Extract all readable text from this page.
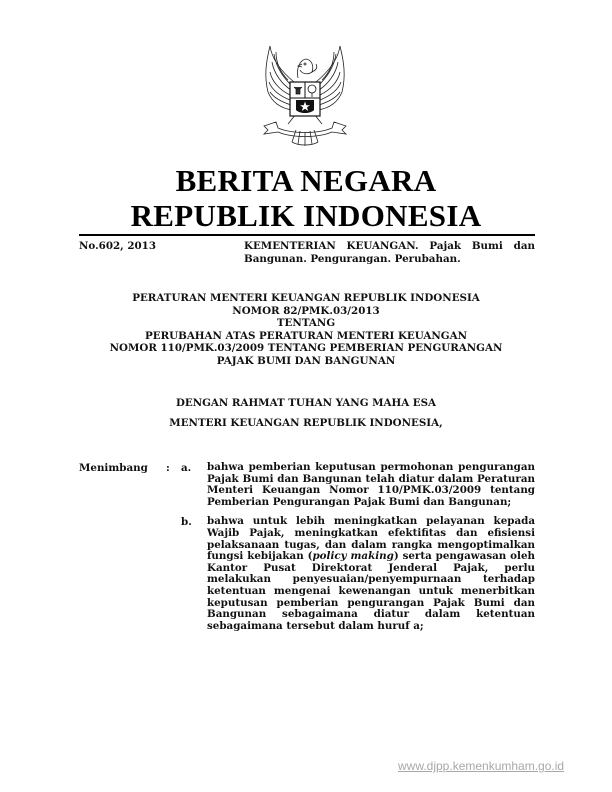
BERITA NEGARA
REPUBLIK INDONESIA
No.602, 2013	KEMENTERIAN KEUANGAN. Pajak Bumi dan Bangunan. Pengurangan. Perubahan.
PERATURAN MENTERI KEUANGAN REPUBLIK INDONESIA
NOMOR 82/PMK.03/2013
TENTANG
PERUBAHAN ATAS PERATURAN MENTERI KEUANGAN
NOMOR 110/PMK.03/2009 TENTANG PEMBERIAN PENGURANGAN
PAJAK BUMI DAN BANGUNAN
DENGAN RAHMAT TUHAN YANG MAHA ESA
MENTERI KEUANGAN REPUBLIK INDONESIA,
Menimbang : a. bahwa pemberian keputusan permohonan pengurangan Pajak Bumi dan Bangunan telah diatur dalam Peraturan Menteri Keuangan Nomor 110/PMK.03/2009 tentang Pemberian Pengurangan Pajak Bumi dan Bangunan;
b. bahwa untuk lebih meningkatkan pelayanan kepada Wajib Pajak, meningkatkan efektifitas dan efisiensi pelaksanaan tugas, dan dalam rangka mengoptimalkan fungsi kebijakan (policy making) serta pengawasan oleh Kantor Pusat Direktorat Jenderal Pajak, perlu melakukan penyesuaian/penyempurnaan terhadap ketentuan mengenai kewenangan untuk menerbitkan keputusan pemberian pengurangan Pajak Bumi dan Bangunan sebagaimana diatur dalam ketentuan sebagaimana tersebut dalam huruf a;
www.djpp.kemenkumham.go.id
